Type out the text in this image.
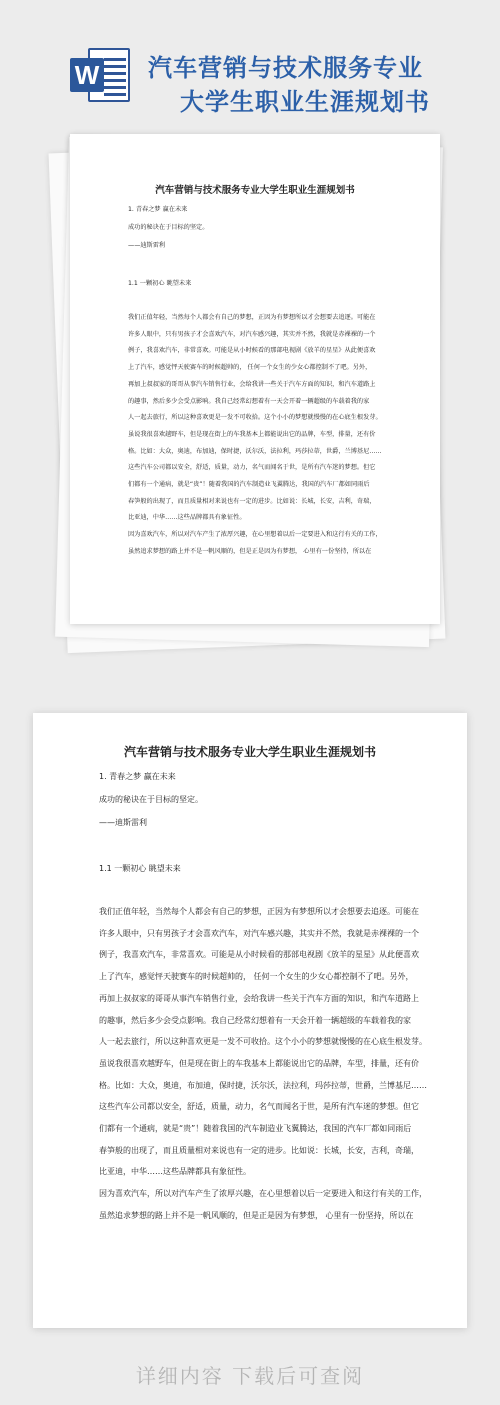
W 汽车营销与技术服务专业
大学生职业生涯规划书
汽车营销与技术服务专业大学生职业生涯规划书
1. 青春之梦 赢在未来
成功的秘诀在于目标的坚定。
——迪斯雷利
1.1 一颗初心 眺望未来
我们正值年轻，当然每个人都会有自己的梦想，正因为有梦想所以才会想要去追逐。可能在
许多人眼中，只有男孩子才会喜欢汽车，对汽车感兴趣，其实并不然，我就是赤裸裸的一个
例子，我喜欢汽车，非常喜欢。可能是从小时候看的那部电视剧《放羊的星星》从此便喜欢
上了汽车，感觉怦天驶赛车的时候超帅的， 任何一个女生的少女心都控制不了吧。另外，
再加上叔叔家的哥哥从事汽车销售行业，会给我讲一些关于汽车方面的知识，和汽车道路上
的趣事，然后多少会受点影响。我自己经常幻想着有一天会开着一辆超级的车载着我的家
人一起去旅行，所以这种喜欢更是一发不可收拾。这个小小的梦想就慢慢的在心底生根发芽。
虽说我很喜欢越野车，但是现在街上的车我基本上都能说出它的品牌，车型，排量，还有价
格。比如：大众，奥迪，布加迪，保时捷，沃尔沃，法拉利，玛莎拉蒂，世爵，兰博基尼……
这些汽车公司都以安全，舒适，质量，动力，名气而闻名于世，是所有汽车迷的梦想。但它
们都有一个通病，就是“贵”！随着我国的汽车制造业飞翼腾达，我国的汽车厂都如同雨后
春笋般的出现了，而且质量相对来说也有一定的进步。比如说：长城，长安，吉利，奇瑞，
比亚迪，中华……这些品牌都具有象征性。
因为喜欢汽车，所以对汽车产生了浓厚兴趣，在心里想着以后一定要进入和这行有关的工作，
虽然追求梦想的路上并不是一帆风顺的，但是正是因为有梦想， 心里有一份坚持，所以在
汽车营销与技术服务专业大学生职业生涯规划书
1. 青春之梦 赢在未来
成功的秘诀在于目标的坚定。
——迪斯雷利
1.1 一颗初心 眺望未来
我们正值年轻，当然每个人都会有自己的梦想，正因为有梦想所以才会想要去追逐。可能在
许多人眼中，只有男孩子才会喜欢汽车，对汽车感兴趣，其实并不然，我就是赤裸裸的一个
例子，我喜欢汽车，非常喜欢。可能是从小时候看的那部电视剧《放羊的星星》从此便喜欢
上了汽车，感觉怦天驶赛车的时候超帅的， 任何一个女生的少女心都控制不了吧。另外，
再加上叔叔家的哥哥从事汽车销售行业，会给我讲一些关于汽车方面的知识，和汽车道路上
的趣事，然后多少会受点影响。我自己经常幻想着有一天会开着一辆超级的车载着我的家
人一起去旅行，所以这种喜欢更是一发不可收拾。这个小小的梦想就慢慢的在心底生根发芽。
虽说我很喜欢越野车，但是现在街上的车我基本上都能说出它的品牌，车型，排量，还有价
格。比如：大众，奥迪，布加迪，保时捷，沃尔沃，法拉利，玛莎拉蒂，世爵，兰博基尼……
这些汽车公司都以安全，舒适，质量，动力，名气而闻名于世，是所有汽车迷的梦想。但它
们都有一个通病，就是“贵”！随着我国的汽车制造业飞翼腾达，我国的汽车厂都如同雨后
春笋般的出现了，而且质量相对来说也有一定的进步。比如说：长城，长安，吉利，奇瑞，
比亚迪，中华……这些品牌都具有象征性。
因为喜欢汽车，所以对汽车产生了浓厚兴趣，在心里想着以后一定要进入和这行有关的工作，
虽然追求梦想的路上并不是一帆风顺的，但是正是因为有梦想， 心里有一份坚持，所以在
详细内容 下载后可查阅
